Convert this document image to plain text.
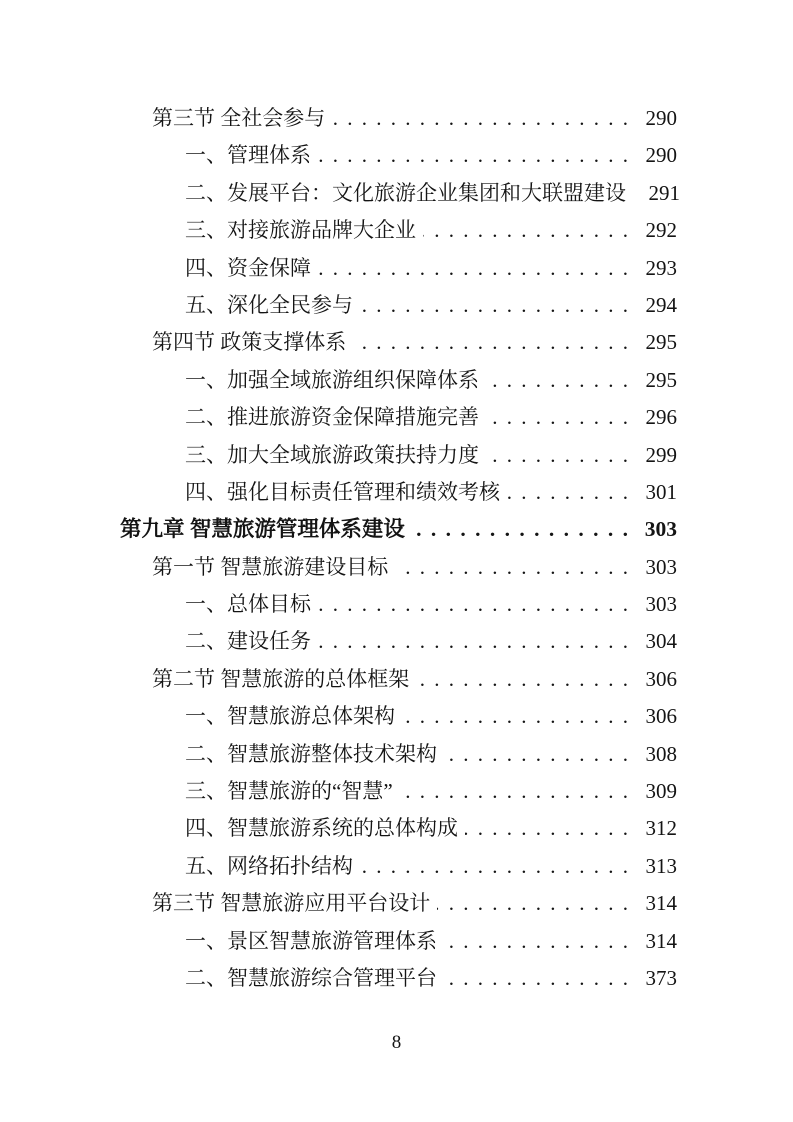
第三节 全社会参与 . . .	290
一、管理体系 . . .	290
二、发展平台：文化旅游企业集团和大联盟建设	291
三、对接旅游品牌大企业 . . .	292
四、资金保障 . . .	293
五、深化全民参与 . . .	294
第四节 政策支撑体系 . . .	295
一、加强全域旅游组织保障体系 . . .	295
二、推进旅游资金保障措施完善 . . .	296
三、加大全域旅游政策扶持力度 . . .	299
四、强化目标责任管理和绩效考核 . . .	301
第九章 智慧旅游管理体系建设 . . .	303
第一节 智慧旅游建设目标 . . .	303
一、总体目标 . . .	303
二、建设任务 . . .	304
第二节 智慧旅游的总体框架 . . .	306
一、智慧旅游总体架构 . . .	306
二、智慧旅游整体技术架构 . . .	308
三、智慧旅游的“智慧” . . .	309
四、智慧旅游系统的总体构成 . . .	312
五、网络拓扑结构 . . .	313
第三节 智慧旅游应用平台设计 . . .	314
一、景区智慧旅游管理体系 . . .	314
二、智慧旅游综合管理平台 . . .	373
8
